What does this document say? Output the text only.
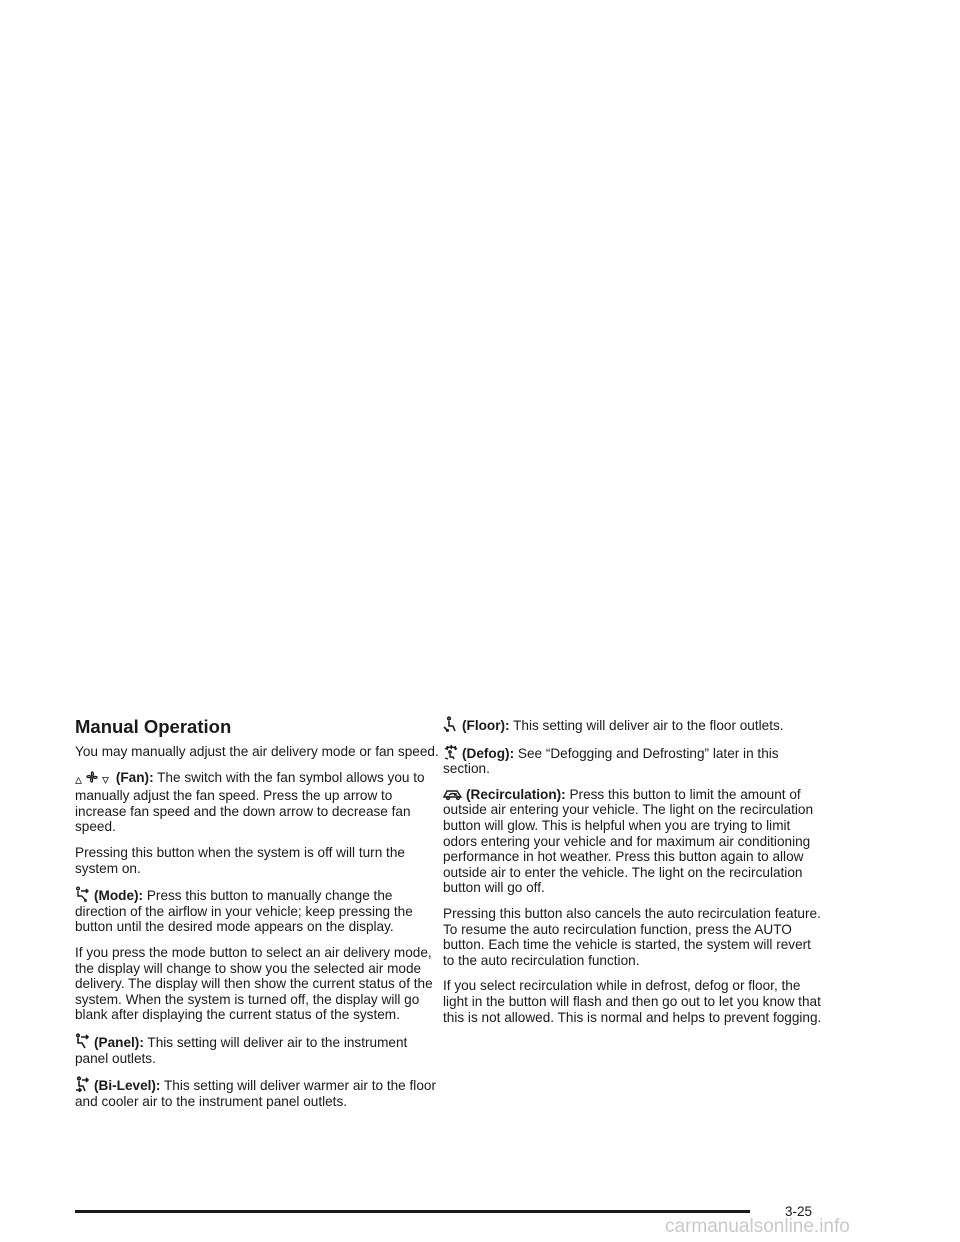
Manual Operation

You may manually adjust the air delivery mode or fan speed.

▵ ▿ (Fan): The switch with the fan symbol allows you to manually adjust the fan speed. Press the up arrow to increase fan speed and the down arrow to decrease fan speed.

Pressing this button when the system is off will turn the system on.

(Mode): Press this button to manually change the direction of the airflow in your vehicle; keep pressing the button until the desired mode appears on the display.

If you press the mode button to select an air delivery mode, the display will change to show you the selected air mode delivery. The display will then show the current status of the system. When the system is turned off, the display will go blank after displaying the current status of the system.

(Panel): This setting will deliver air to the instrument panel outlets.

(Bi-Level): This setting will deliver warmer air to the floor and cooler air to the instrument panel outlets.

(Floor): This setting will deliver air to the floor outlets.

(Defog): See “Defogging and Defrosting” later in this section.

(Recirculation): Press this button to limit the amount of outside air entering your vehicle. The light on the recirculation button will glow. This is helpful when you are trying to limit odors entering your vehicle and for maximum air conditioning performance in hot weather. Press this button again to allow outside air to enter the vehicle. The light on the recirculation button will go off.

Pressing this button also cancels the auto recirculation feature. To resume the auto recirculation function, press the AUTO button. Each time the vehicle is started, the system will revert to the auto recirculation function.

If you select recirculation while in defrost, defog or floor, the light in the button will flash and then go out to let you know that this is not allowed. This is normal and helps to prevent fogging.

3-25
carmanualsonline.info
